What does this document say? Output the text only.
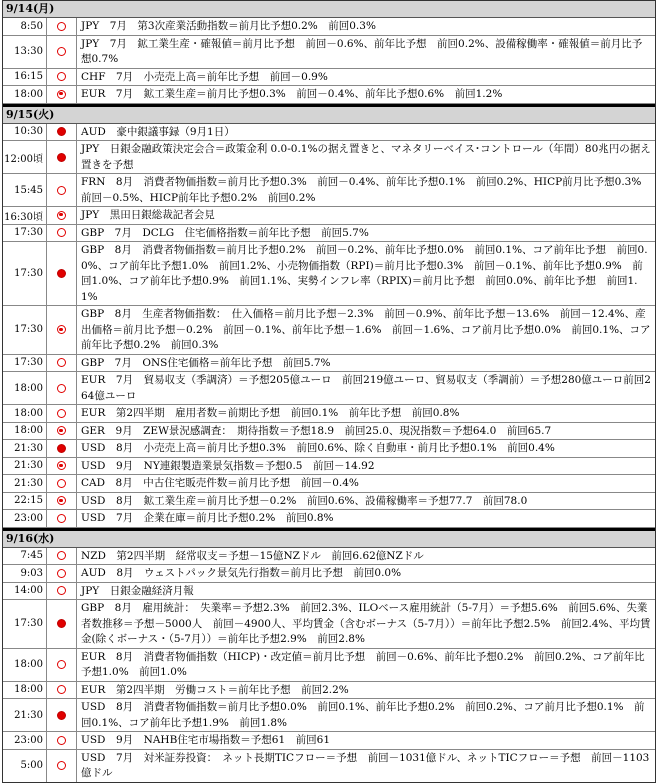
9/14(月)
8:50	JPY　7月　第3次産業活動指数＝前月比予想0.2%　前回0.3%
13:30
JPY　7月　鉱工業生産・確報値＝前月比予想　前回－0.6%、前年比予想　前回0.2%、設備稼働率・確報値＝前月比予想0.7%
16:15	CHF　7月　小売売上高＝前年比予想　前回－0.9%
18:00	EUR　7月　鉱工業生産＝前月比予想0.3%　前回－0.4%、前年比予想0.6%　前回1.2%
9/15(火)
10:30	AUD　豪中銀議事録（9月1日）
12:00頃
JPY　日銀金融政策決定会合＝政策金利 0.0-0.1%の据え置きと、マネタリーベイス･コントロール（年間）80兆円の据え置きを予想
15:45
FRN　8月　消費者物価指数＝前月比予想0.3%　前回－0.4%、前年比予想0.1%　前回0.2%、HICP前月比予想0.3%　前回－0.5%、HICP前年比予想0.2%　前回0.2%
16:30頃	JPY　黒田日銀総裁記者会見
17:30	GBP　7月　DCLG　住宅価格指数＝前年比予想　前回5.7%
17:30
GBP　8月　消費者物価指数＝前月比予想0.2%　前回－0.2%、前年比予想0.0%　前回0.1%、コア前年比予想　前回0.0%、コア前年比予想1.0%　前回1.2%、小売物価指数（RPI)＝前月比予想0.3%　前回－0.1%、前年比予想0.9%　前回1.0%、コア前年比予想0.9%　前回1.1%、実勢インフレ率（RPIX)＝前月比予想　前回0.0%、前年比予想　前回1.1%
17:30
GBP　8月　生産者物価指数：　仕入価格＝前月比予想－2.3%　前回－0.9%、前年比予想－13.6%　前回－12.4%、産出価格＝前月比予想－0.2%　前回－0.1%、前年比予想－1.6%　前回－1.6%、コア前月比予想0.0%　前回0.1%、コア前年比予想0.2%　前回0.3%
17:30	GBP　7月　ONS住宅価格＝前年比予想　前回5.7%
18:00
EUR　7月　貿易収支（季調済）＝予想205億ユーロ　前回219億ユーロ、貿易収支（季調前）＝予想280億ユーロ前回264億ユーロ
18:00	EUR　第2四半期　雇用者数＝前期比予想　前回0.1%　前年比予想　前回0.8%
18:00	GER　9月　ZEW景況感調査：　期待指数＝予想18.9　前回25.0、現況指数＝予想64.0　前回65.7
21:30	USD　8月　小売売上高＝前月比予想0.3%　前回0.6%、除く自動車・前月比予想0.1%　前回0.4%
21:30	USD　9月　NY連銀製造業景気指数＝予想0.5　前回－14.92
21:30	CAD　8月　中古住宅販売件数＝前月比予想　前回－0.4%
22:15	USD　8月　鉱工業生産＝前月比予想－0.2%　前回0.6%、設備稼働率＝予想77.7　前回78.0
23:00	USD　7月　企業在庫＝前月比予想0.2%　前回0.8%
9/16(水)
7:45	NZD　第2四半期　経常収支＝予想－15億NZドル　前回6.62億NZドル
9:03	AUD　8月　ウェストパック景気先行指数＝前月比予想　前回0.0%
14:00	JPY　日銀金融経済月報
17:30
GBP　8月　雇用統計：　失業率＝予想2.3%　前回2.3%、ILOベース雇用統計（5-7月）＝予想5.6%　前回5.6%、失業者数推移＝予想－5000人　前回－4900人、平均賃金（含むボーナス（5-7月））＝前年比予想2.5%　前回2.4%、平均賃金(除くボーナス・（5-7月））＝前年比予想2.9%　前回2.8%
18:00
EUR　8月　消費者物価指数（HICP)・改定値＝前月比予想　前回－0.6%、前年比予想0.2%　前回0.2%、コア前年比予想1.0%　前回1.0%
18:00	EUR　第2四半期　労働コスト＝前年比予想　前回2.2%
21:30
USD　8月　消費者物価指数＝前月比予想0.0%　前回0.1%、前年比予想0.2%　前回0.2%、コア前月比予想0.1%　前回0.1%、コア前年比予想1.9%　前回1.8%
23:00	USD　9月　NAHB住宅市場指数＝予想61　前回61
5:00
USD　7月　対米証券投資：　ネット長期TICフロー＝予想　前回－1031億ドル、ネットTICフロー＝予想　前回－1103億ドル
